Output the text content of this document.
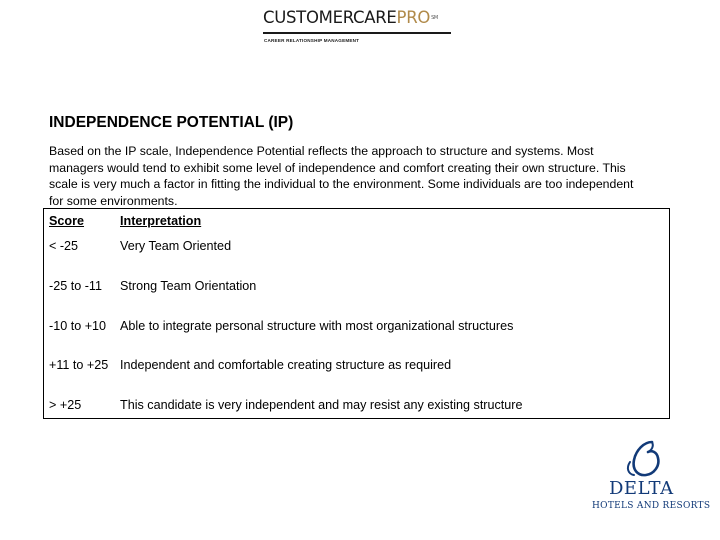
CUSTOMERCAREPRO℠
CAREER RELATIONSHIP MANAGEMENT
INDEPENDENCE POTENTIAL (IP)

Based on the IP scale, Independence Potential reflects the approach to structure and systems. Most managers would tend to exhibit some level of independence and comfort creating their own structure. This scale is very much a factor in fitting the individual to the environment. Some individuals are too independent for some environments.

Score	Interpretation
< -25	Very Team Oriented
-25 to -11 Strong Team Orientation
-10 to +10 Able to integrate personal structure with most organizational structures
+11 to +25 Independent and comfortable creating structure as required
> +25	This candidate is very independent and may resist any existing structure
DELTA
HOTELS AND RESORTS
